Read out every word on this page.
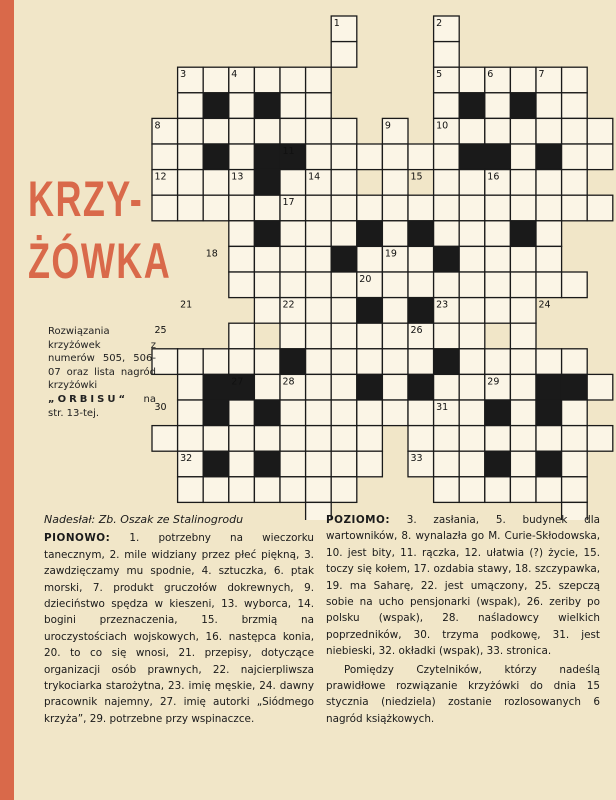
1	2
3	4	5	6	7
8	9	10
11
12	13	14	15	16
17
18	19
20
21	22	23	24
25	26
27	28	29
30	31
32	33
KRZY-
ŻÓWKA
Rozwiązania krzyżówek z numerów 505, 506-07 oraz lista nagród krzyżówki „ORBISU“ na str. 13-tej.

Nadesłał: Zb. Oszak ze Stalinogrodu

PIONOWO: 1. potrzebny na wieczorku tanecznym, 2. mile widziany przez płeć piękną, 3. zawdzięczamy mu spodnie, 4. sztuczka, 6. ptak morski, 7. produkt gruczołów dokrewnych, 9. dzieciństwo spędza w kieszeni, 13. wyborca, 14. bogini przeznaczenia, 15. brzmią na uroczystościach wojskowych, 16. następca konia, 20. to co się wnosi, 21. przepisy, dotyczące organizacji osób prawnych, 22. najcierpliwsza trykociarka starożytna, 23. imię męskie, 24. dawny pracownik najemny, 27. imię autorki „Siódmego krzyża”, 29. potrzebne przy wspinaczce.

POZIOMO: 3. zasłania, 5. budynek dla wartowników, 8. wynalazła go M. Curie-Skłodowska, 10. jest bity, 11. rączka, 12. ułatwia (?) życie, 15. toczy się kołem, 17. ozdabia stawy, 18. szczypawka, 19. ma Saharę, 22. jest umączony, 25. szepczą sobie na ucho pensjonarki (wspak), 26. zeriby po polsku (wspak), 28. naśladowcy wielkich poprzedników, 30. trzyma podkowę, 31. jest niebieski, 32. okładki (wspak), 33. stronica.

Pomiędzy Czytelników, którzy nadeślą prawidłowe rozwiązanie krzyżówki do dnia 15 stycznia (niedziela) zostanie rozlosowanych 6 nagród książkowych.
